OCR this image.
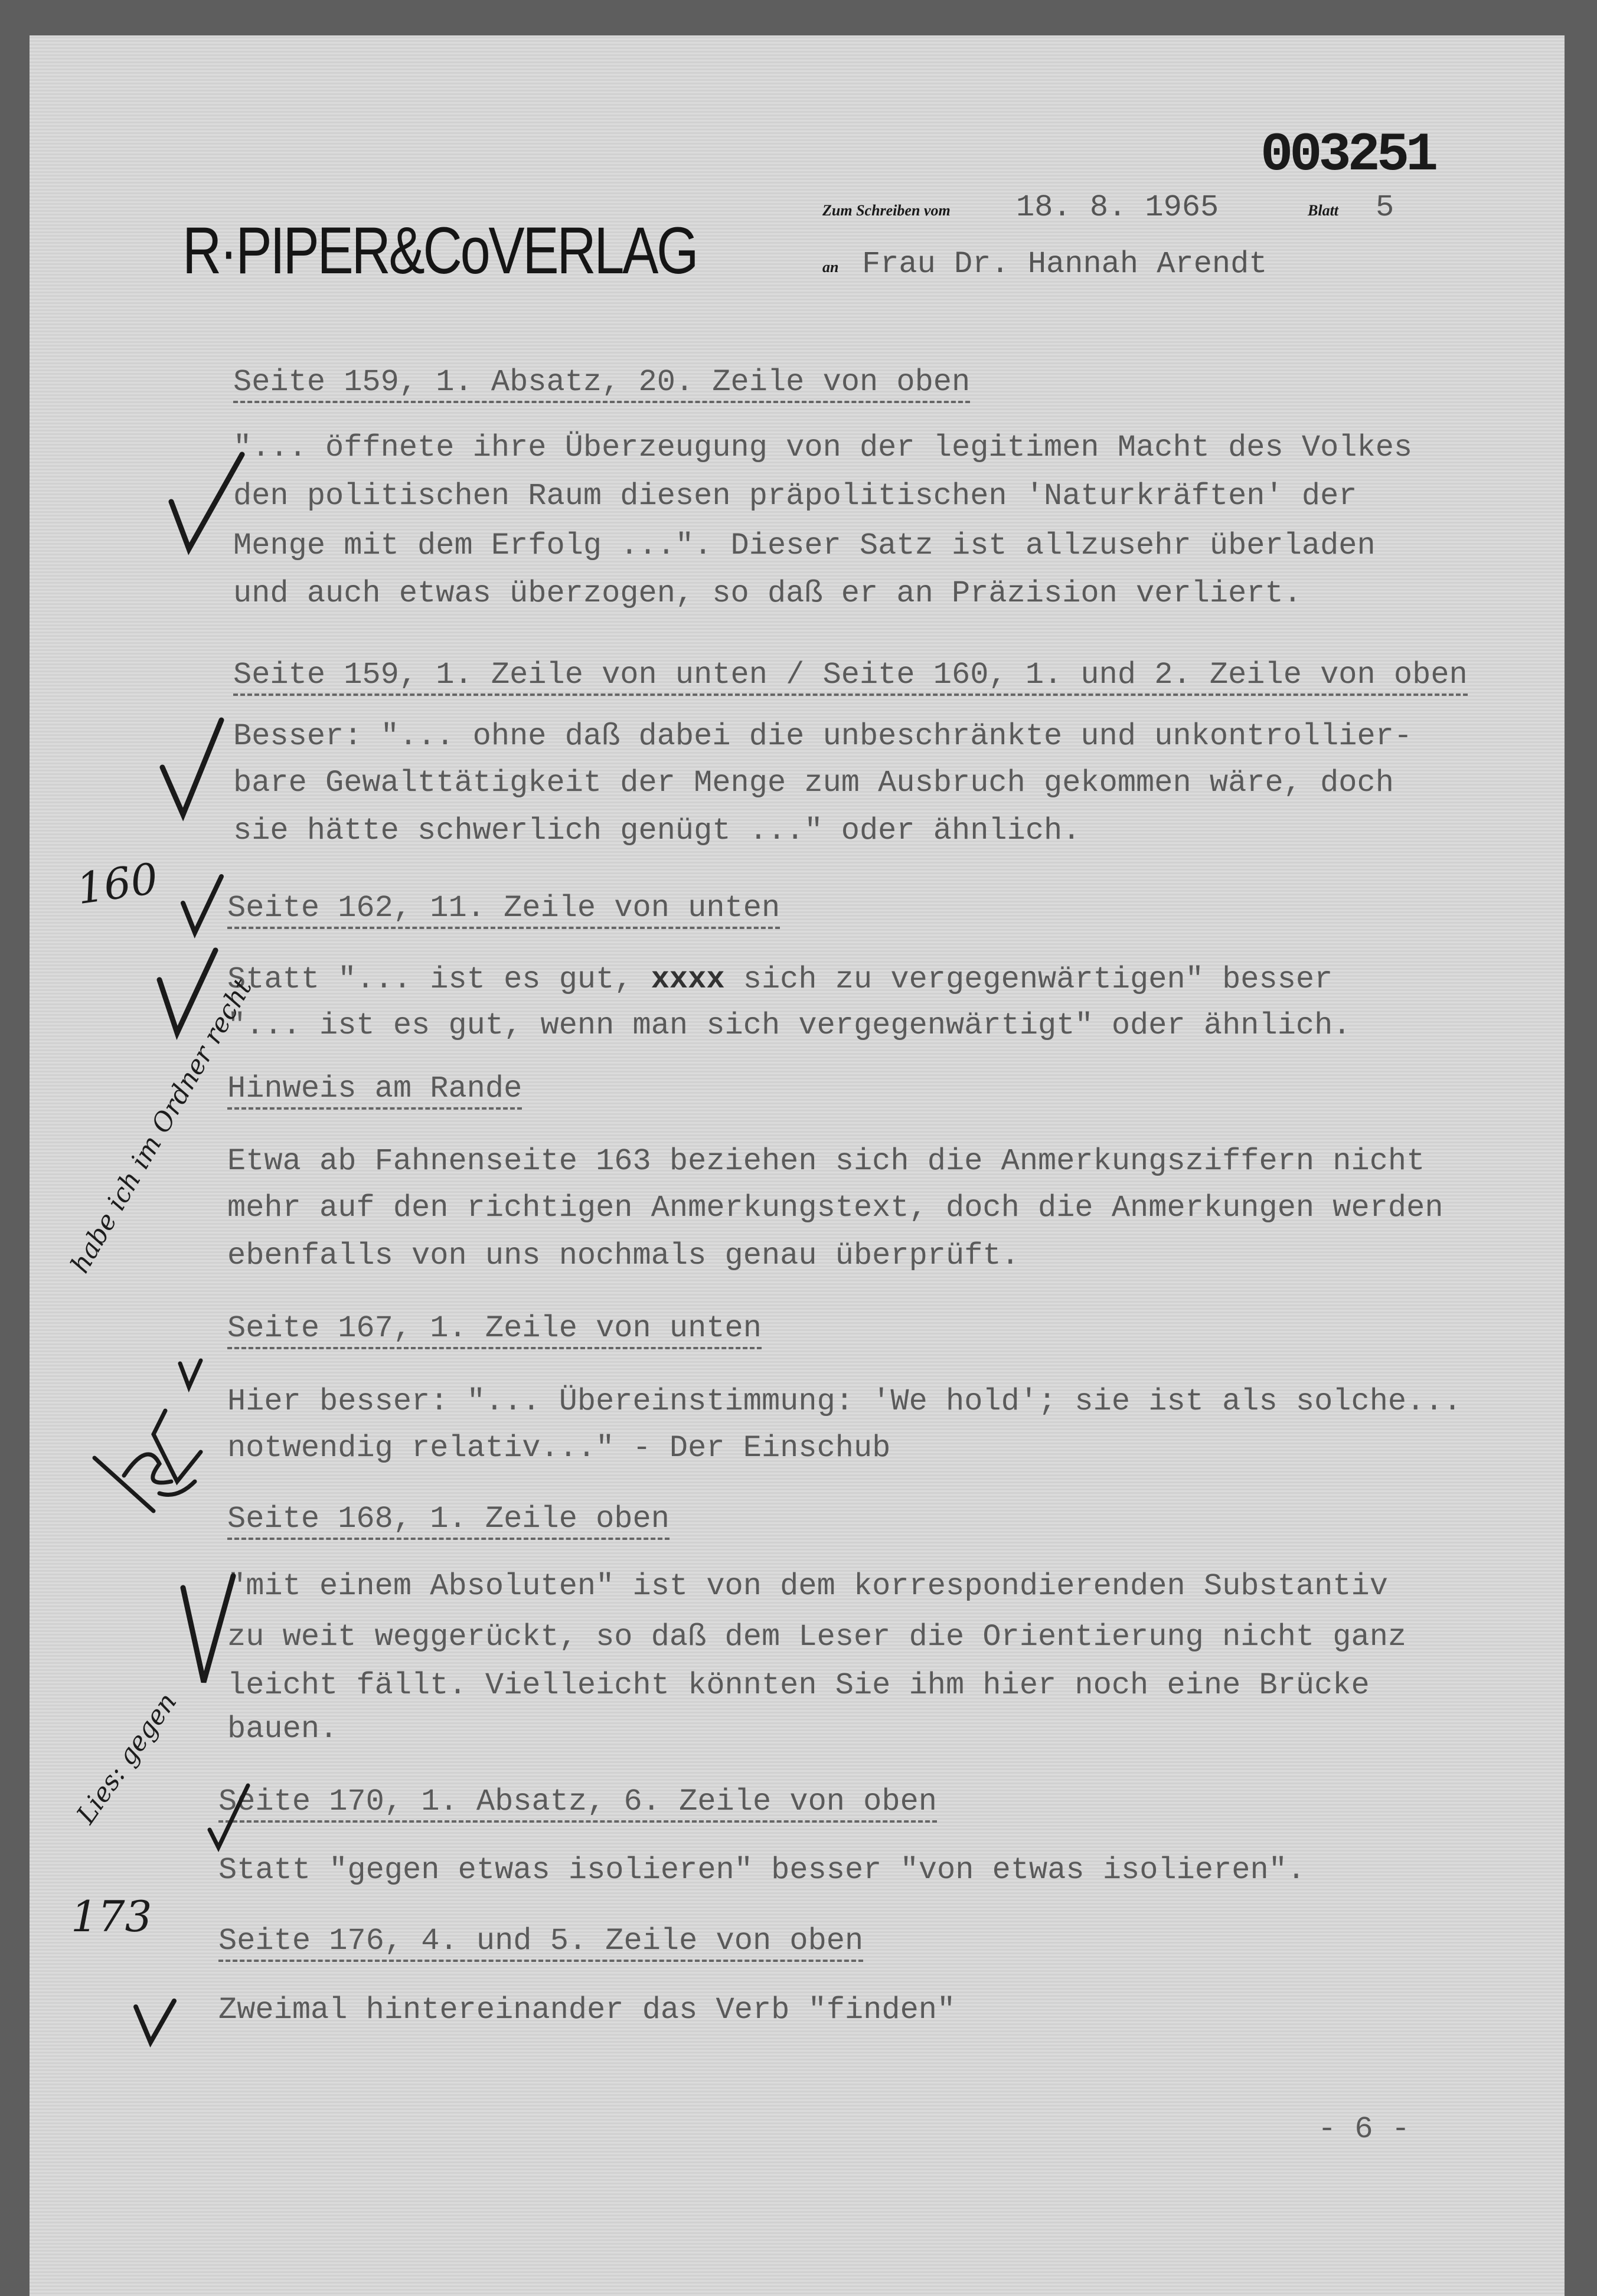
R·PIPER&CoVERLAG
003251
Zum Schreiben vom 18. 8. 1965	Blatt 5
an Frau Dr. Hannah Arendt
Seite 159, 1. Absatz, 20. Zeile von oben
"... öffnete ihre Überzeugung von der legitimen Macht des Volkes
den politischen Raum diesen präpolitischen 'Naturkräften' der
Menge mit dem Erfolg ...". Dieser Satz ist allzusehr überladen
und auch etwas überzogen, so daß er an Präzision verliert.
Seite 159, 1. Zeile von unten / Seite 160, 1. und 2. Zeile von oben
Besser: "... ohne daß dabei die unbeschränkte und unkontrollier-
bare Gewalttätigkeit der Menge zum Ausbruch gekommen wäre, doch
sie hätte schwerlich genügt ..." oder ähnlich.
Seite 162, 11. Zeile von unten
Statt "... ist es gut, xxxx sich zu vergegenwärtigen" besser
"... ist es gut, wenn man sich vergegenwärtigt" oder ähnlich.
Hinweis am Rande
Etwa ab Fahnenseite 163 beziehen sich die Anmerkungsziffern nicht
mehr auf den richtigen Anmerkungstext, doch die Anmerkungen werden
ebenfalls von uns nochmals genau überprüft.
Seite 167, 1. Zeile von unten
Hier besser: "... Übereinstimmung: 'We hold'; sie ist als solche...
notwendig relativ..." - Der Einschub
Seite 168, 1. Zeile oben
"mit einem Absoluten" ist von dem korrespondierenden Substantiv
zu weit weggerückt, so daß dem Leser die Orientierung nicht ganz
leicht fällt. Vielleicht könnten Sie ihm hier noch eine Brücke
bauen.
Seite 170, 1. Absatz, 6. Zeile von oben
Statt "gegen etwas isolieren" besser "von etwas isolieren".
Seite 176, 4. und 5. Zeile von oben
Zweimal hintereinander das Verb "finden"
- 6 -
160
173
Lies: gegen
habe ich im Ordner recht
